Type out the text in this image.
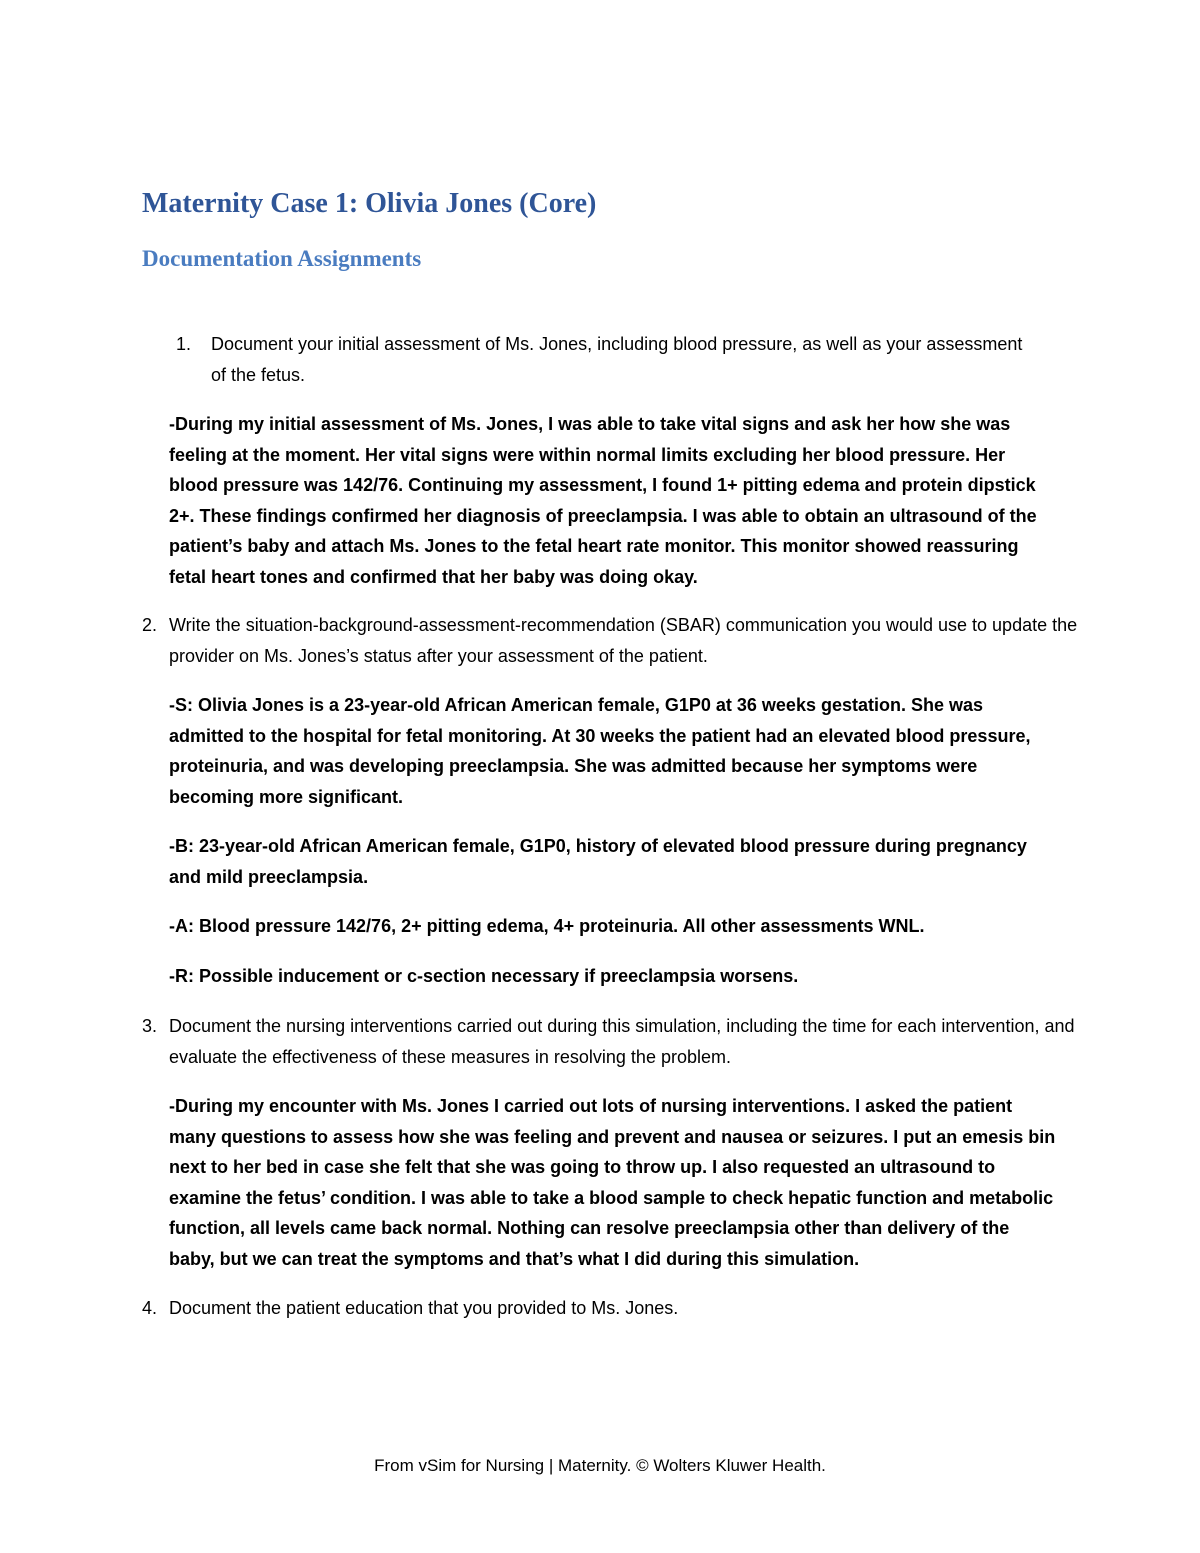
Maternity Case 1: Olivia Jones (Core)
Documentation Assignments
1. Document your initial assessment of Ms. Jones, including blood pressure, as well as your assessment of the fetus.

-During my initial assessment of Ms. Jones, I was able to take vital signs and ask her how she was feeling at the moment. Her vital signs were within normal limits excluding her blood pressure. Her blood pressure was 142/76. Continuing my assessment, I found 1+ pitting edema and protein dipstick 2+. These findings confirmed her diagnosis of preeclampsia. I was able to obtain an ultrasound of the patient’s baby and attach Ms. Jones to the fetal heart rate monitor. This monitor showed reassuring fetal heart tones and confirmed that her baby was doing okay.

2. Write the situation-background-assessment-recommendation (SBAR) communication you would use to update the provider on Ms. Jones’s status after your assessment of the patient.

-S: Olivia Jones is a 23-year-old African American female, G1P0 at 36 weeks gestation. She was admitted to the hospital for fetal monitoring. At 30 weeks the patient had an elevated blood pressure, proteinuria, and was developing preeclampsia. She was admitted because her symptoms were becoming more significant.

-B: 23-year-old African American female, G1P0, history of elevated blood pressure during pregnancy and mild preeclampsia.

-A: Blood pressure 142/76, 2+ pitting edema, 4+ proteinuria. All other assessments WNL.

-R: Possible inducement or c-section necessary if preeclampsia worsens.

3. Document the nursing interventions carried out during this simulation, including the time for each intervention, and evaluate the effectiveness of these measures in resolving the problem.

-During my encounter with Ms. Jones I carried out lots of nursing interventions. I asked the patient many questions to assess how she was feeling and prevent and nausea or seizures. I put an emesis bin next to her bed in case she felt that she was going to throw up. I also requested an ultrasound to examine the fetus’ condition. I was able to take a blood sample to check hepatic function and metabolic function, all levels came back normal. Nothing can resolve preeclampsia other than delivery of the baby, but we can treat the symptoms and that’s what I did during this simulation.

4. Document the patient education that you provided to Ms. Jones.
From vSim for Nursing | Maternity. © Wolters Kluwer Health.
